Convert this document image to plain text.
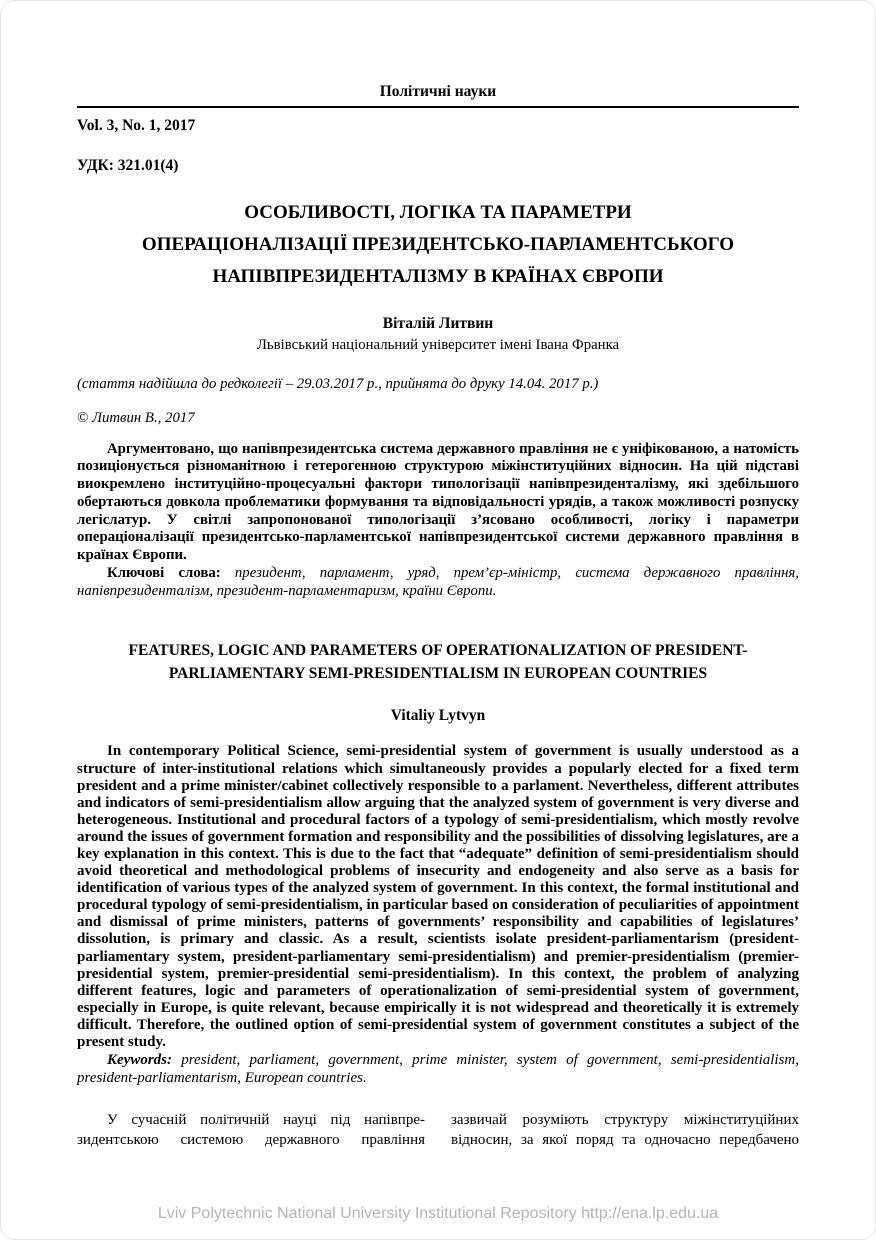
Політичні науки
Vol. 3, No. 1, 2017
УДК: 321.01(4)
ОСОБЛИВОСТІ, ЛОГІКА ТА ПАРАМЕТРИ
ОПЕРАЦІОНАЛІЗАЦІЇ ПРЕЗИДЕНТСЬКО-ПАРЛАМЕНТСЬКОГО
НАПІВПРЕЗИДЕНТАЛІЗМУ В КРАЇНАХ ЄВРОПИ
Віталій Литвин
Львівський національний університет імені Івана Франка
(стаття надійшла до редколегії – 29.03.2017 р., прийнята до друку 14.04. 2017 р.)
© Литвин В., 2017

Аргументовано, що напівпрезидентська система державного правління не є уніфікованою, а натомість позиціонується різноманітною і гетерогенною структурою міжінституційних відносин. На цій підставі виокремлено інституційно-процесуальні фактори типологізації напівпрезиденталізму, які здебільшого обертаються довкола проблематики формування та відповідальності урядів, а також можливості розпуску легіслатур. У світлі запропонованої типологізації з’ясовано особливості, логіку і параметри операціоналізації президентсько-парламентської напівпрезидентської системи державного правління в країнах Європи.

Ключові слова: президент, парламент, уряд, прем’єр-міністр, система державного правління, напівпрезиденталізм, президент-парламентаризм, країни Європи.

FEATURES, LOGIC AND PARAMETERS OF OPERATIONALIZATION OF PRESIDENT-
PARLIAMENTARY SEMI-PRESIDENTIALISM IN EUROPEAN COUNTRIES
Vitaliy Lytvyn

In contemporary Political Science, semi-presidential system of government is usually understood as a structure of inter-institutional relations which simultaneously provides a popularly elected for a fixed term president and a prime minister/cabinet collectively responsible to a parlament. Nevertheless, different attributes and indicators of semi-presidentialism allow arguing that the analyzed system of government is very diverse and heterogeneous. Institutional and procedural factors of a typology of semi-presidentialism, which mostly revolve around the issues of government formation and responsibility and the possibilities of dissolving legislatures, are a key explanation in this context. This is due to the fact that “adequate” definition of semi-presidentialism should avoid theoretical and methodological problems of insecurity and endogeneity and also serve as a basis for identification of various types of the analyzed system of government. In this context, the formal institutional and procedural typology of semi-presidentialism, in particular based on consideration of peculiarities of appointment and dismissal of prime ministers, patterns of governments’ responsibility and capabilities of legislatures’ dissolution, is primary and classic. As a result, scientists isolate president-parliamentarism (president-parliamentary system, president-parliamentary semi-presidentialism) and premier-presidentialism (premier-presidential system, premier-presidential semi-presidentialism). In this context, the problem of analyzing different features, logic and parameters of operationalization of semi-presidential system of government, especially in Europe, is quite relevant, because empirically it is not widespread and theoretically it is extremely difficult. Therefore, the outlined option of semi-presidential system of government constitutes a subject of the present study.

Keywords: president, parliament, government, prime minister, system of government, semi-presidentialism, president-parliamentarism, European countries.

У сучасній політичній науці під напівпре-
зидентською системою державного правління
зазвичай розуміють структуру міжінституційних
відносин, за якої поряд та одночасно передбачено
Lviv Polytechnic National University Institutional Repository http://ena.lp.edu.ua
